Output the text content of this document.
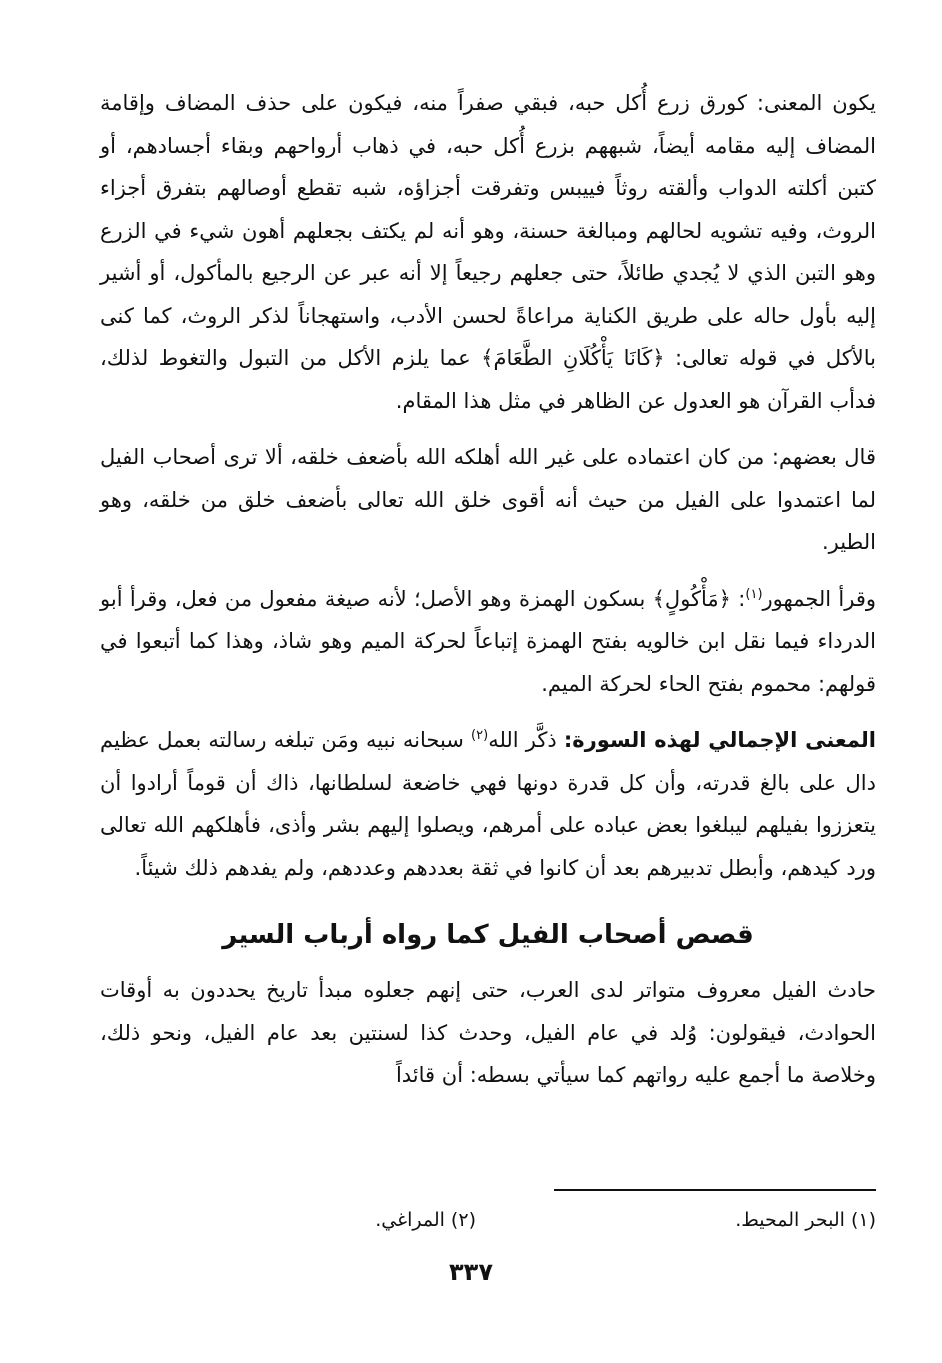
يكون المعنى: كورق زرع أُكل حبه، فبقي صفراً منه، فيكون على حذف المضاف وإقامة المضاف إليه مقامه أيضاً، شبههم بزرع أُكل حبه، في ذهاب أرواحهم وبقاء أجسادهم، أو كتبن أكلته الدواب وألقته روثاً فييبس وتفرقت أجزاؤه، شبه تقطع أوصالهم بتفرق أجزاء الروث، وفيه تشويه لحالهم ومبالغة حسنة، وهو أنه لم يكتف بجعلهم أهون شيء في الزرع وهو التبن الذي لا يُجدي طائلاً، حتى جعلهم رجيعاً إلا أنه عبر عن الرجيع بالمأكول، أو أشير إليه بأول حاله على طريق الكناية مراعاةً لحسن الأدب، واستهجاناً لذكر الروث، كما كنى بالأكل في قوله تعالى: ﴿كَانَا يَأْكُلَانِ الطَّعَامَ﴾ عما يلزم الأكل من التبول والتغوط لذلك، فدأب القرآن هو العدول عن الظاهر في مثل هذا المقام.

قال بعضهم: من كان اعتماده على غير الله أهلكه الله بأضعف خلقه، ألا ترى أصحاب الفيل لما اعتمدوا على الفيل من حيث أنه أقوى خلق الله تعالى بأضعف خلق من خلقه، وهو الطير.

وقرأ الجمهور$^{(١)}$: ﴿مَأْكُولٍ﴾ بسكون الهمزة وهو الأصل؛ لأنه صيغة مفعول من فعل، وقرأ أبو الدرداء فيما نقل ابن خالويه بفتح الهمزة إتباعاً لحركة الميم وهو شاذ، وهذا كما أتبعوا في قولهم: محموم بفتح الحاء لحركة الميم.

المعنى الإجمالي لهذه السورة: ذكَّر الله$^{(٢)}$ سبحانه نبيه ومَن تبلغه رسالته بعمل عظيم دال على بالغ قدرته، وأن كل قدرة دونها فهي خاضعة لسلطانها، ذاك أن قوماً أرادوا أن يتعززوا بفيلهم ليبلغوا بعض عباده على أمرهم، ويصلوا إليهم بشر وأذى، فأهلكهم الله تعالى ورد كيدهم، وأبطل تدبيرهم بعد أن كانوا في ثقة بعددهم وعددهم، ولم يفدهم ذلك شيئاً.

قصص أصحاب الفيل كما رواه أرباب السير

حادث الفيل معروف متواتر لدى العرب، حتى إنهم جعلوه مبدأ تاريخ يحددون به أوقات الحوادث، فيقولون: وُلد في عام الفيل، وحدث كذا لسنتين بعد عام الفيل، ونحو ذلك، وخلاصة ما أجمع عليه رواتهم كما سيأتي بسطه: أن قائداً

(١) البحر المحيط.
(٢) المراغي.
٣٣٧
